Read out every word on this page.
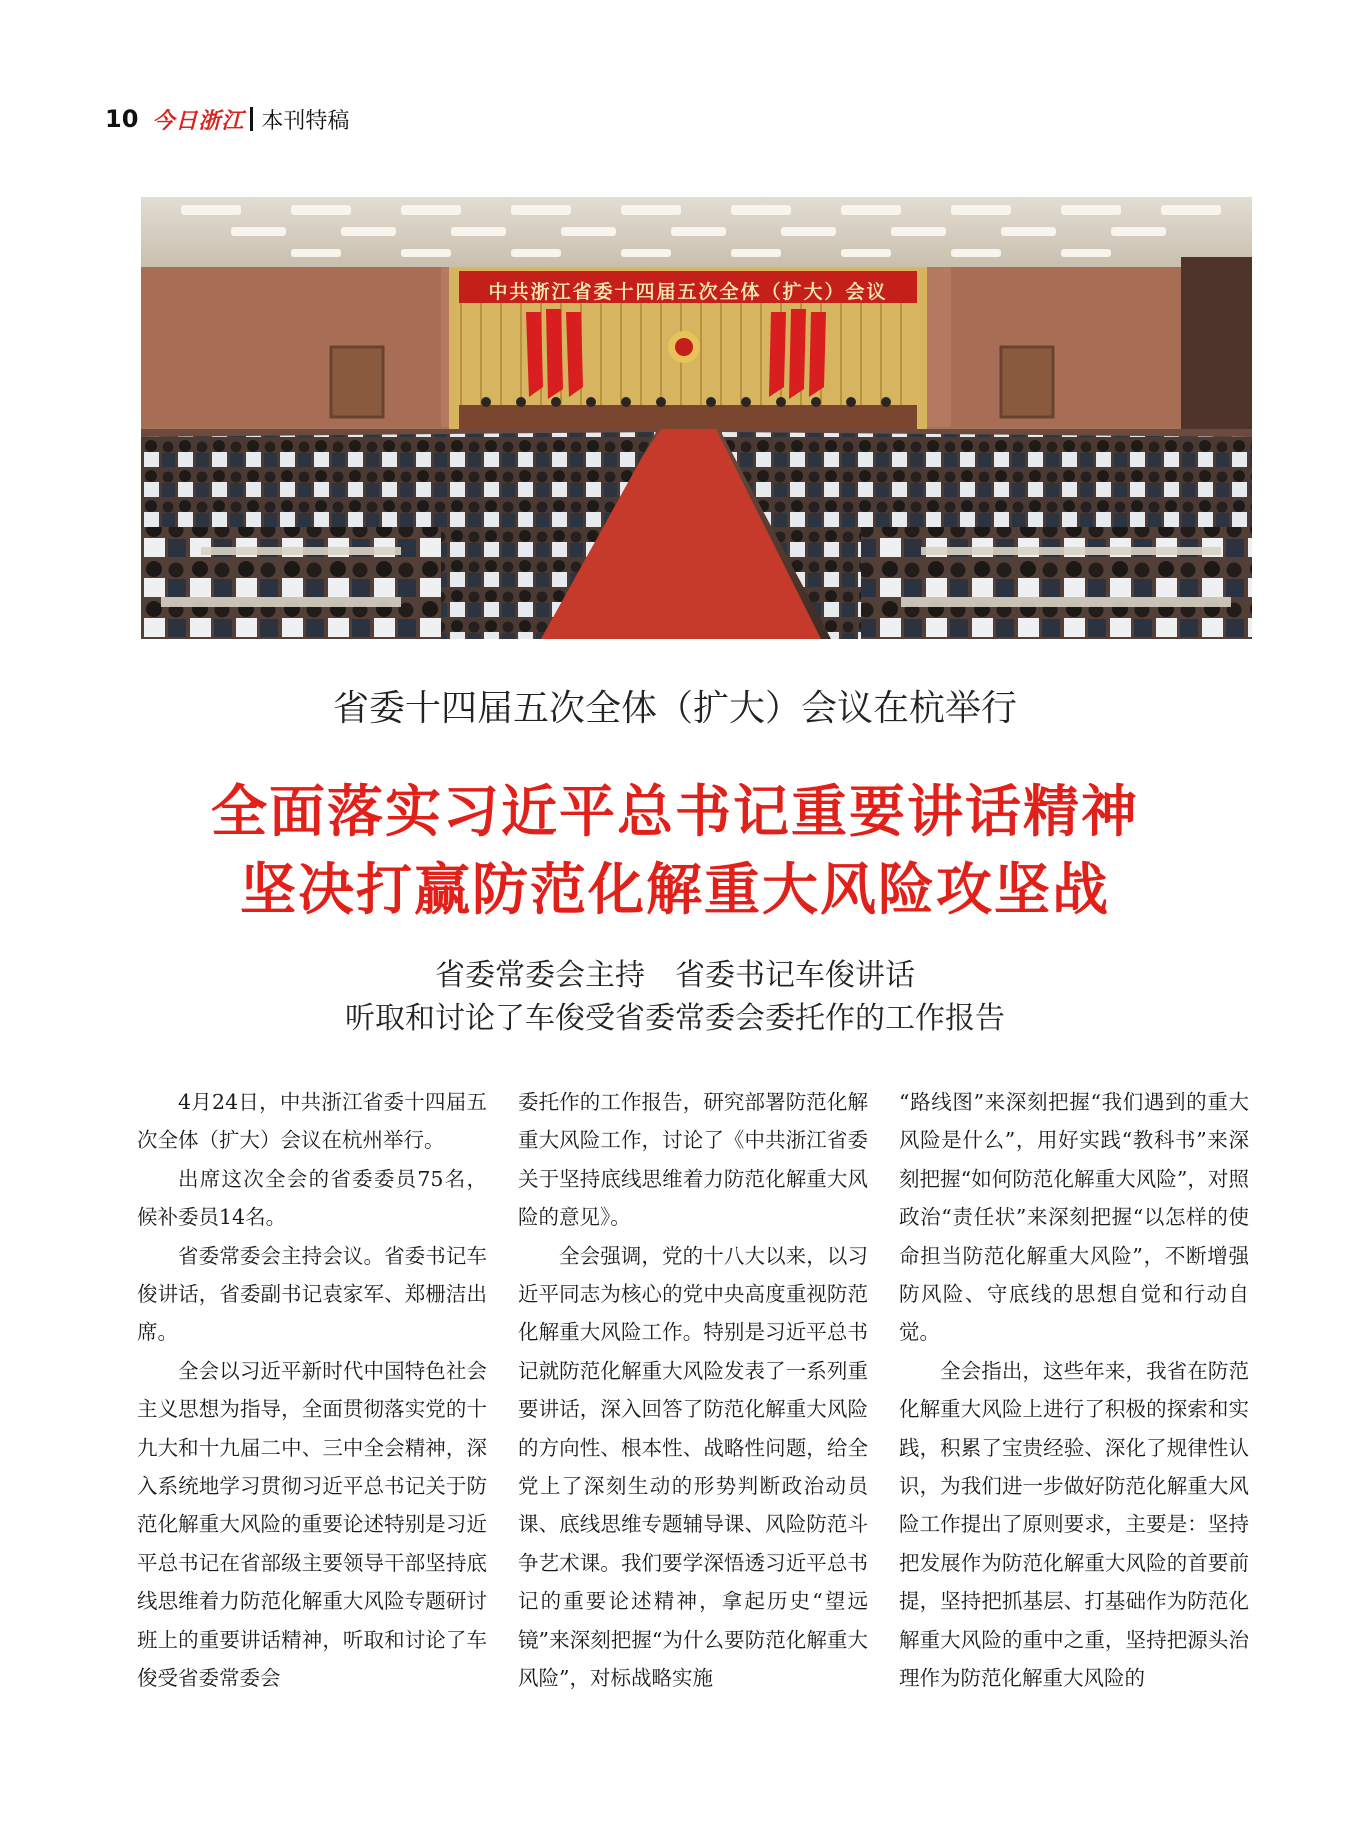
10 今日浙江 本刊特稿
中共浙江省委十四届五次全体（扩大）会议
省委十四届五次全体（扩大）会议在杭举行
全面落实习近平总书记重要讲话精神
坚决打赢防范化解重大风险攻坚战
省委常委会主持　省委书记车俊讲话
听取和讨论了车俊受省委常委会委托作的工作报告

4月24日，中共浙江省委十四届五次全体（扩大）会议在杭州举行。

出席这次全会的省委委员75名，候补委员14名。

省委常委会主持会议。省委书记车俊讲话，省委副书记袁家军、郑栅洁出席。

全会以习近平新时代中国特色社会主义思想为指导，全面贯彻落实党的十九大和十九届二中、三中全会精神，深入系统地学习贯彻习近平总书记关于防范化解重大风险的重要论述特别是习近平总书记在省部级主要领导干部坚持底线思维着力防范化解重大风险专题研讨班上的重要讲话精神，听取和讨论了车俊受省委常委会

委托作的工作报告，研究部署防范化解重大风险工作，讨论了《中共浙江省委关于坚持底线思维着力防范化解重大风险的意见》。

全会强调，党的十八大以来，以习近平同志为核心的党中央高度重视防范化解重大风险工作。特别是习近平总书记就防范化解重大风险发表了一系列重要讲话，深入回答了防范化解重大风险的方向性、根本性、战略性问题，给全党上了深刻生动的形势判断政治动员课、底线思维专题辅导课、风险防范斗争艺术课。我们要学深悟透习近平总书记的重要论述精神，拿起历史“望远镜”来深刻把握“为什么要防范化解重大风险”，对标战略实施

“路线图”来深刻把握“我们遇到的重大风险是什么”，用好实践“教科书”来深刻把握“如何防范化解重大风险”，对照政治“责任状”来深刻把握“以怎样的使命担当防范化解重大风险”，不断增强防风险、守底线的思想自觉和行动自觉。

全会指出，这些年来，我省在防范化解重大风险上进行了积极的探索和实践，积累了宝贵经验、深化了规律性认识，为我们进一步做好防范化解重大风险工作提出了原则要求，主要是：坚持把发展作为防范化解重大风险的首要前提，坚持把抓基层、打基础作为防范化解重大风险的重中之重，坚持把源头治理作为防范化解重大风险的
